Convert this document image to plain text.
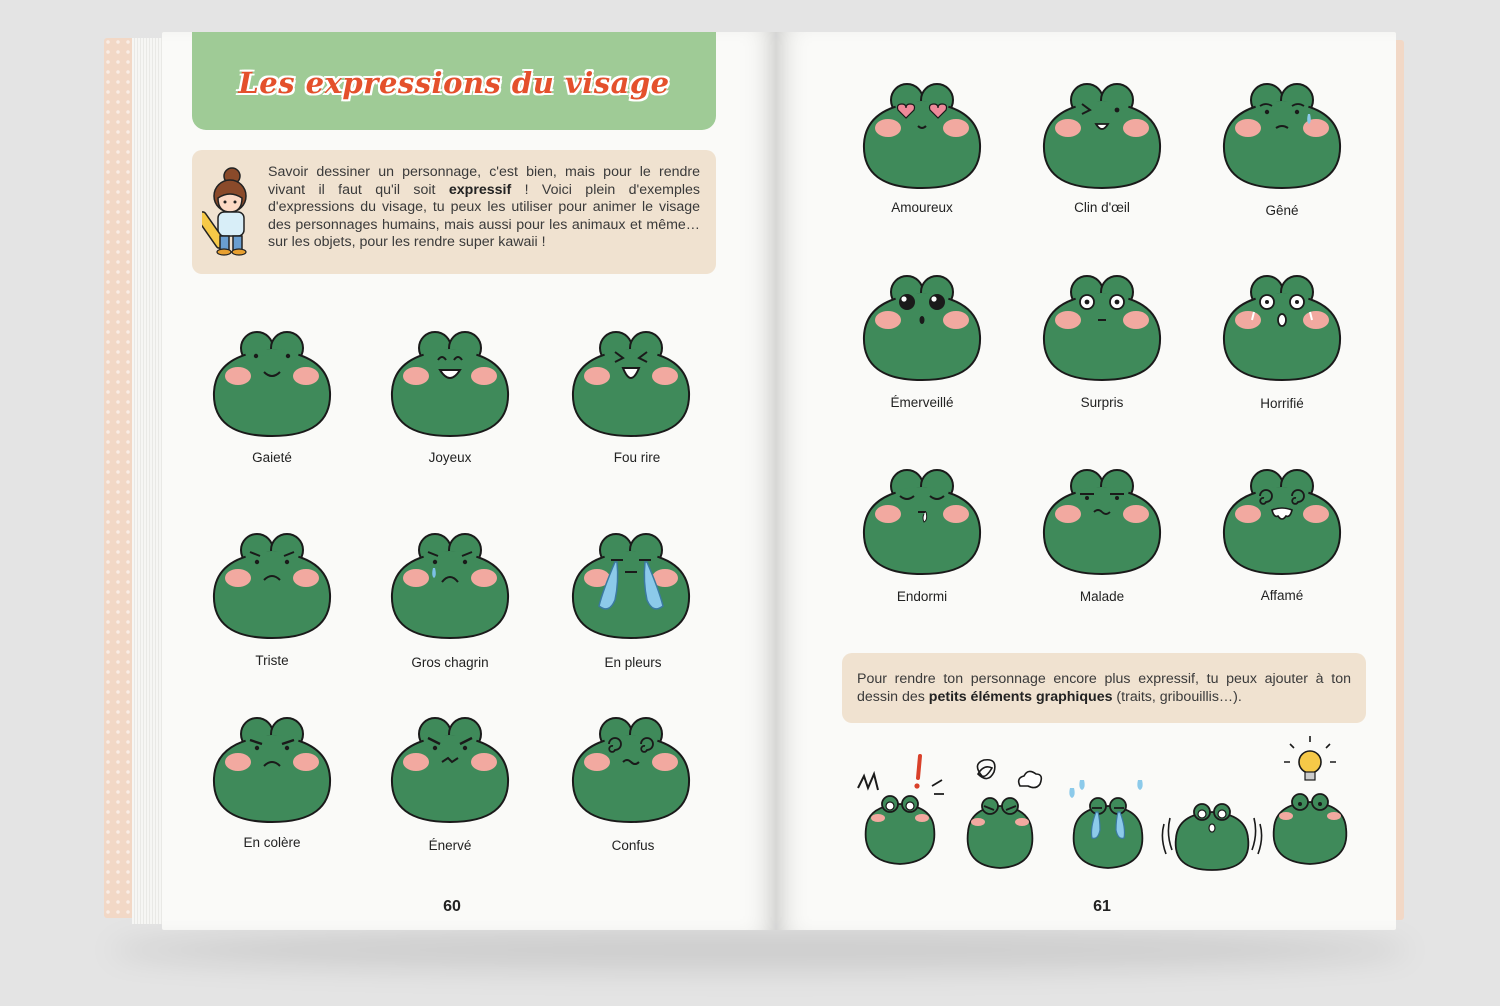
Les expressions du visage
Savoir dessiner un personnage, c'est bien, mais pour le rendre vivant il faut qu'il soit expressif ! Voici plein d'exemples d'expressions du visage, tu peux les utiliser pour animer le visage des personnages humains, mais aussi pour les animaux et même… sur les objets, pour les rendre super kawaii !
Gaieté	Joyeux	Fou rire
Triste	Gros chagrin	En pleurs
En colère	Énervé	Confus
60
Amoureux	Clin d'œil	Gêné
Émerveillé	Surpris	Horrifié
Endormi	Malade	Affamé
Pour rendre ton personnage encore plus expressif, tu peux ajouter à ton dessin des petits éléments graphiques (traits, gribouillis…).
61
